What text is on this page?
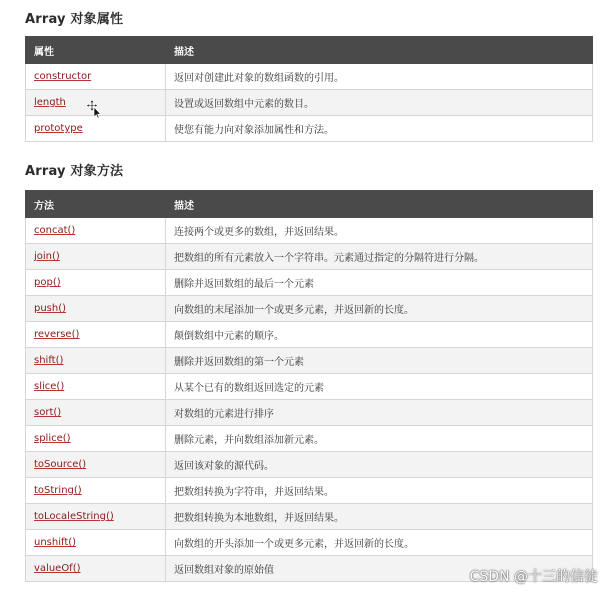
Array 对象属性
属性	描述
constructor	返回对创建此对象的数组函数的引用。
length	设置或返回数组中元素的数目。
prototype	使您有能力向对象添加属性和方法。
Array 对象方法
方法	描述
concat()	连接两个或更多的数组，并返回结果。
join()	把数组的所有元素放入一个字符串。元素通过指定的分隔符进行分隔。
pop()	删除并返回数组的最后一个元素
push()	向数组的末尾添加一个或更多元素，并返回新的长度。
reverse()	颠倒数组中元素的顺序。
shift()	删除并返回数组的第一个元素
slice()	从某个已有的数组返回选定的元素
sort()	对数组的元素进行排序
splice()	删除元素，并向数组添加新元素。
toSource()	返回该对象的源代码。
toString()	把数组转换为字符串，并返回结果。
toLocaleString()	把数组转换为本地数组，并返回结果。
unshift()	向数组的开头添加一个或更多元素，并返回新的长度。
valueOf()	返回数组对象的原始值	CSDN @十三的信徒
